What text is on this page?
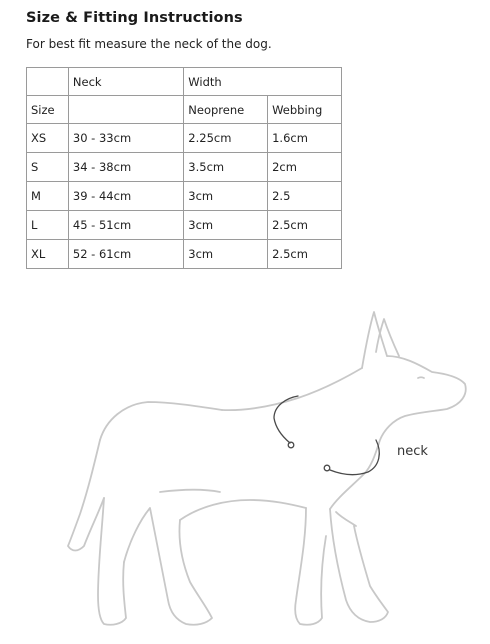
Size & Fitting Instructions
For best fit measure the neck of the dog.
	Neck	Width	
Size		Neoprene	Webbing
XS	30 - 33cm	2.25cm	1.6cm
S	34 - 38cm	3.5cm	2cm
M	39 - 44cm	3cm	2.5
L	45 - 51cm	3cm	2.5cm
XL	52 - 61cm	3cm	2.5cm
neck
